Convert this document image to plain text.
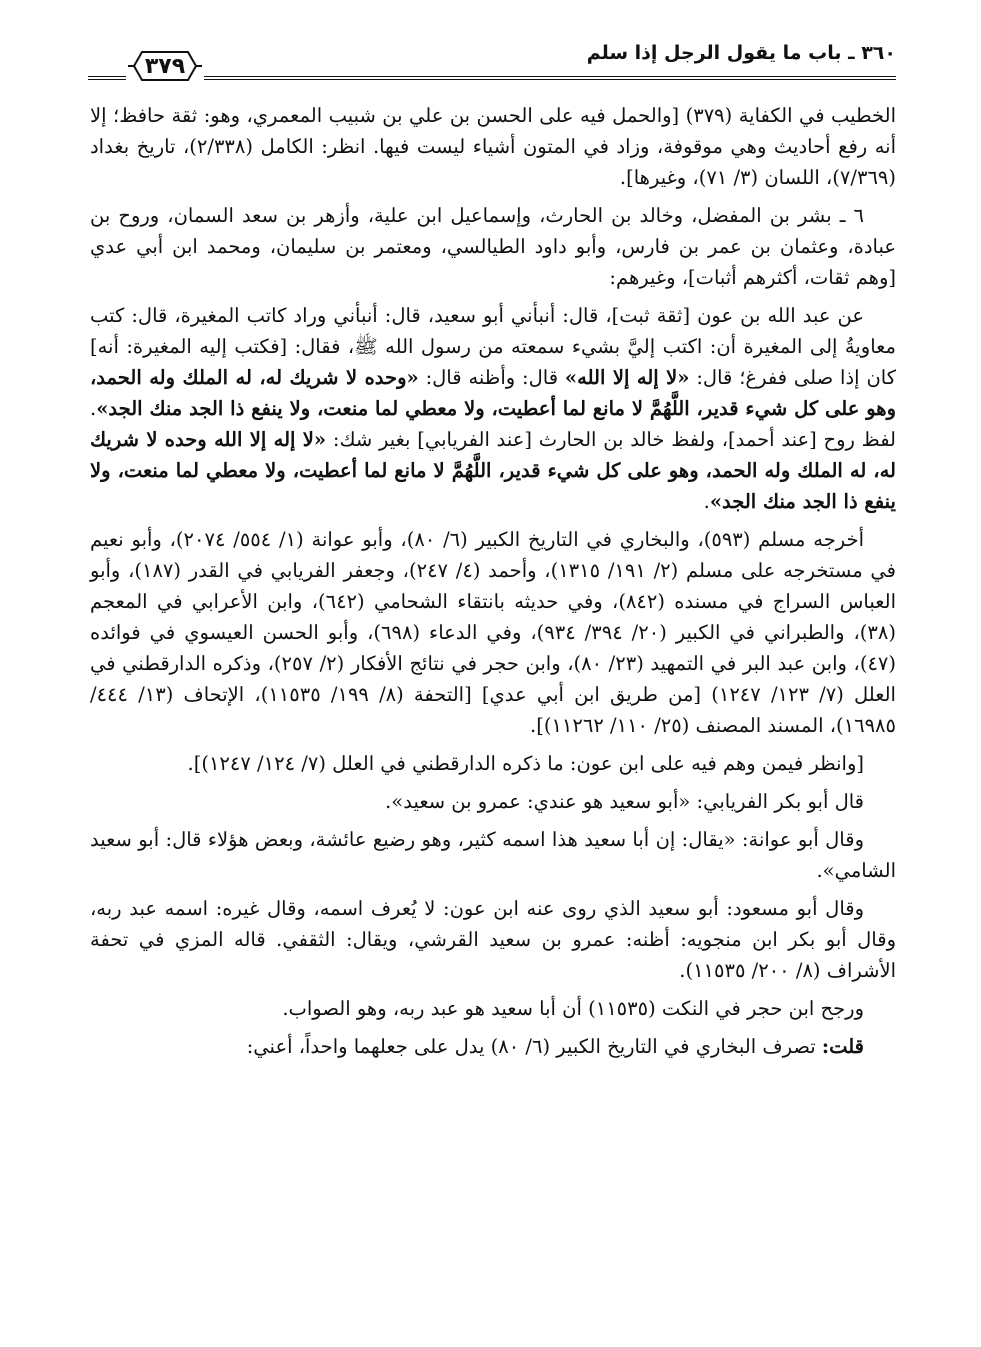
٣٦٠ ـ باب ما يقول الرجل إذا سلم
٣٧٩

الخطيب في الكفاية (٣٧٩) [والحمل فيه على الحسن بن علي بن شبيب المعمري، وهو: ثقة حافظ؛ إلا أنه رفع أحاديث وهي موقوفة، وزاد في المتون أشياء ليست فيها. انظر: الكامل (٢/٣٣٨)، تاريخ بغداد (٧/٣٦٩)، اللسان (٣/ ٧١)، وغيرها].

٦ ـ بشر بن المفضل، وخالد بن الحارث، وإسماعيل ابن علية، وأزهر بن سعد السمان، وروح بن عبادة، وعثمان بن عمر بن فارس، وأبو داود الطيالسي، ومعتمر بن سليمان، ومحمد ابن أبي عدي [وهم ثقات، أكثرهم أثبات]، وغيرهم:

عن عبد الله بن عون [ثقة ثبت]، قال: أنبأني أبو سعيد، قال: أنبأني وراد كاتب المغيرة، قال: كتب معاويةُ إلى المغيرة أن: اكتب إليَّ بشيء سمعته من رسول الله ﷺ، فقال: [فكتب إليه المغيرة: أنه] كان إذا صلى ففرغ؛ قال: «لا إله إلا الله» قال: وأظنه قال: «وحده لا شريك له، له الملك وله الحمد، وهو على كل شيء قدير، اللَّهُمَّ لا مانع لما أعطيت، ولا معطي لما منعت، ولا ينفع ذا الجد منك الجد». لفظ روح [عند أحمد]، ولفظ خالد بن الحارث [عند الفريابي] بغير شك: «لا إله إلا الله وحده لا شريك له، له الملك وله الحمد، وهو على كل شيء قدير، اللَّهُمَّ لا مانع لما أعطيت، ولا معطي لما منعت، ولا ينفع ذا الجد منك الجد».

أخرجه مسلم (٥٩٣)، والبخاري في التاريخ الكبير (٦/ ٨٠)، وأبو عوانة (١/ ٥٥٤/ ٢٠٧٤)، وأبو نعيم في مستخرجه على مسلم (٢/ ١٩١/ ١٣١٥)، وأحمد (٤/ ٢٤٧)، وجعفر الفريابي في القدر (١٨٧)، وأبو العباس السراج في مسنده (٨٤٢)، وفي حديثه بانتقاء الشحامي (٦٤٢)، وابن الأعرابي في المعجم (٣٨)، والطبراني في الكبير (٢٠/ ٣٩٤/ ٩٣٤)، وفي الدعاء (٦٩٨)، وأبو الحسن العيسوي في فوائده (٤٧)، وابن عبد البر في التمهيد (٢٣/ ٨٠)، وابن حجر في نتائج الأفكار (٢/ ٢٥٧)، وذكره الدارقطني في العلل (٧/ ١٢٣/ ١٢٤٧) [من طريق ابن أبي عدي] [التحفة (٨/ ١٩٩/ ١١٥٣٥)، الإتحاف (١٣/ ٤٤٤/ ١٦٩٨٥)، المسند المصنف (٢٥/ ١١٠/ ١١٢٦٢)].

[وانظر فيمن وهم فيه على ابن عون: ما ذكره الدارقطني في العلل (٧/ ١٢٤/ ١٢٤٧)].

قال أبو بكر الفريابي: «أبو سعيد هو عندي: عمرو بن سعيد».

وقال أبو عوانة: «يقال: إن أبا سعيد هذا اسمه كثير، وهو رضيع عائشة، وبعض هؤلاء قال: أبو سعيد الشامي».

وقال أبو مسعود: أبو سعيد الذي روى عنه ابن عون: لا يُعرف اسمه، وقال غيره: اسمه عبد ربه، وقال أبو بكر ابن منجويه: أظنه: عمرو بن سعيد القرشي، ويقال: الثقفي. قاله المزي في تحفة الأشراف (٨/ ٢٠٠/ ١١٥٣٥).

ورجح ابن حجر في النكت (١١٥٣٥) أن أبا سعيد هو عبد ربه، وهو الصواب.

قلت: تصرف البخاري في التاريخ الكبير (٦/ ٨٠) يدل على جعلهما واحداً، أعني:
